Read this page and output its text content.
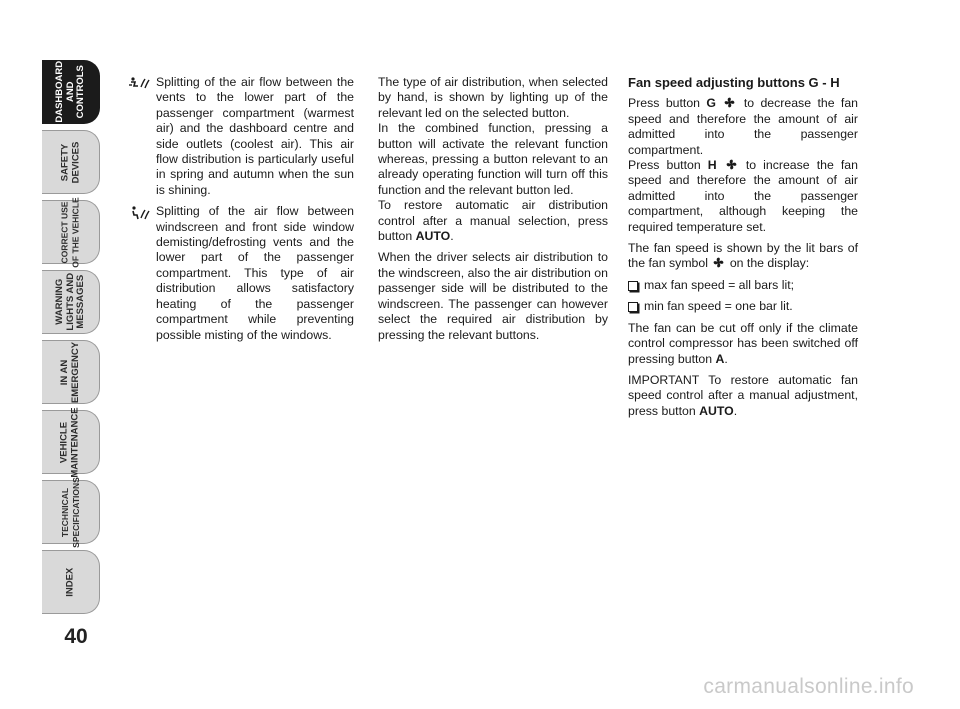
DASHBOARD
AND
CONTROLS
SAFETY
DEVICES
CORRECT USE
OF THE VEHICLE
WARNING
LIGHTS AND
MESSAGES
IN AN
EMERGENCY
VEHICLE
MAINTENANCE
TECHNICAL
SPECIFICATIONS
INDEX
40
Splitting of the air flow between the vents to the lower part of the passenger compartment (warmest air) and the dashboard centre and side outlets (coolest air). This air flow distribution is particularly useful in spring and autumn when the sun is shining.
Splitting of the air flow between windscreen and front side window demisting/defrosting vents and the lower part of the passenger compartment. This type of air distribution allows satisfactory heating of the passenger compartment while preventing possible misting of the windows.

The type of air distribution, when selected by hand, is shown by lighting up of the relevant led on the selected button.

In the combined function, pressing a button will activate the relevant function whereas, pressing a button relevant to an already operating function will turn off this function and the relevant button led.

To restore automatic air distribution control after a manual selection, press button AUTO.

When the driver selects air distribution to the windscreen, also the air distribution on passenger side will be distributed to the windscreen. The passenger can however select the required air distribution by pressing the relevant buttons.

Fan speed adjusting buttons G - H

Press button G to decrease the fan speed and therefore the amount of air admitted into the passenger compartment.

Press button H to increase the fan speed and therefore the amount of air admitted into the passenger compartment, although keeping the required temperature set.

The fan speed is shown by the lit bars of the fan symbol on the display:

max fan speed = all bars lit;
min fan speed = one bar lit.

The fan can be cut off only if the climate control compressor has been switched off pressing button A.

IMPORTANT To restore automatic fan speed control after a manual adjustment, press button AUTO.

carmanualsonline.info
